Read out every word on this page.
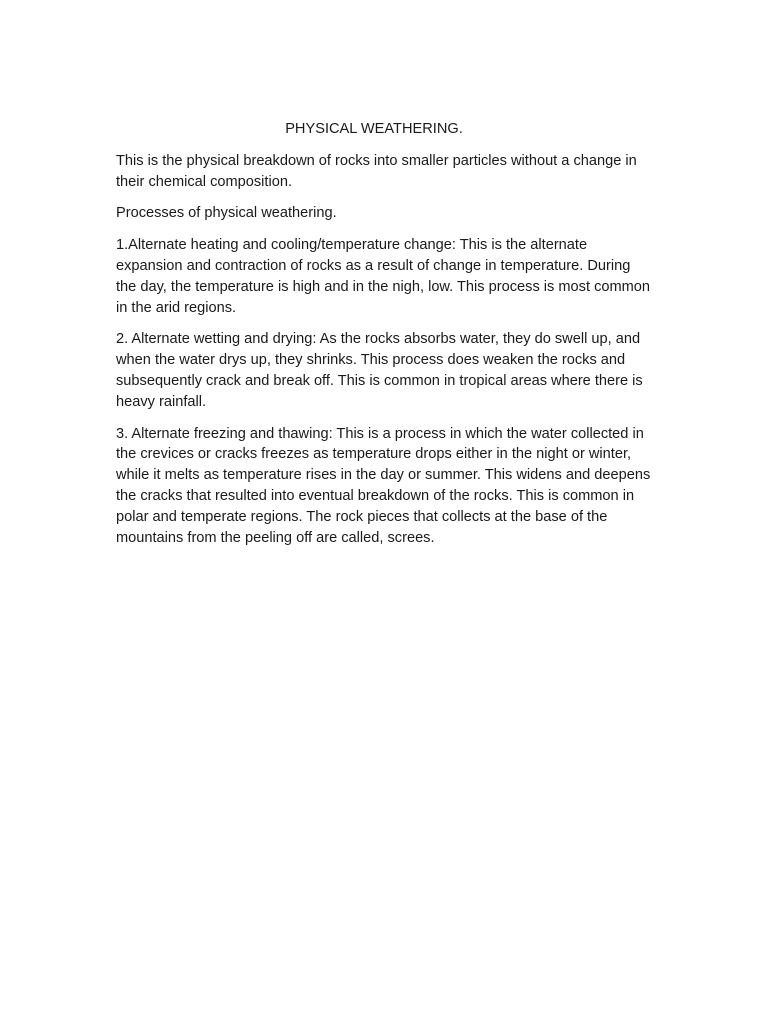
PHYSICAL WEATHERING.

This is the physical breakdown of rocks into smaller particles without a change in their chemical composition.

Processes of physical weathering.

1.Alternate heating and cooling/temperature change: This is the alternate expansion and contraction of rocks as a result of change in temperature. During the day, the temperature is high and in the nigh, low. This process is most common in the arid regions.

2. Alternate wetting and drying: As the rocks absorbs water, they do swell up, and when the water drys up, they shrinks. This process does weaken the rocks and subsequently crack and break off. This is common in tropical areas where there is heavy rainfall.

3. Alternate freezing and thawing: This is a process in which the water collected in the crevices or cracks freezes as temperature drops either in the night or winter, while it melts as temperature rises in the day or summer. This widens and deepens the cracks that resulted into eventual breakdown of the rocks. This is common in polar and temperate regions. The rock pieces that collects at the base of the mountains from the peeling off are called, screes.
